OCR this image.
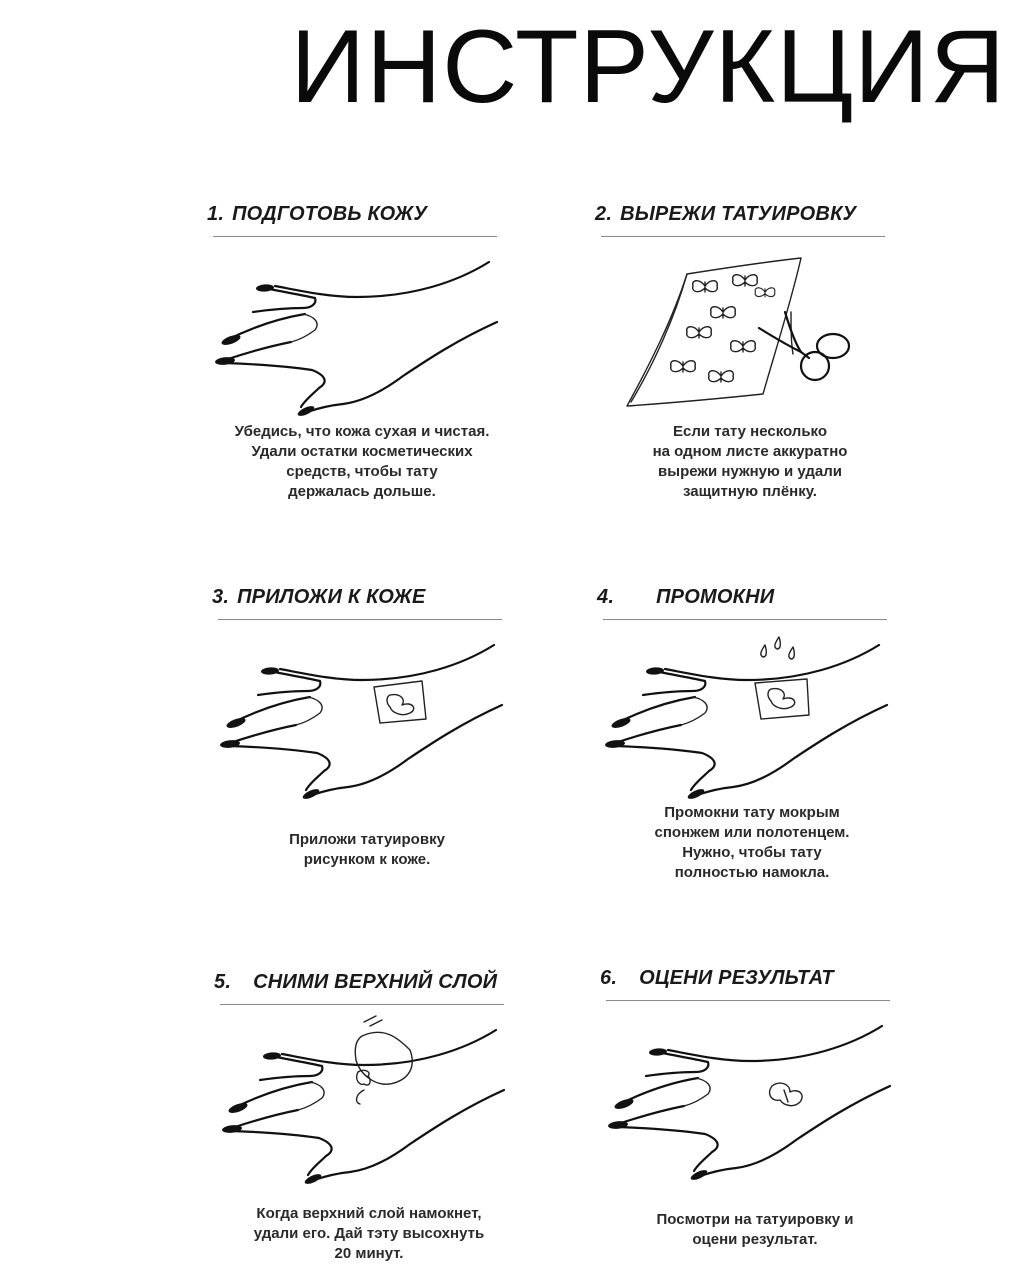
ИНСТРУКЦИЯ
1. ПОДГОТОВЬ КОЖУ
Убедись, что кожа сухая и чистая.
Удали остатки косметических
средств, чтобы тату
держалась дольше.
2. ВЫРЕЖИ ТАТУИРОВКУ
Если тату несколько
на одном листе аккуратно
вырежи нужную и удали
защитную плёнку.
3. ПРИЛОЖИ К КОЖЕ
Приложи татуировку
рисунком к коже.
4. ПРОМОКНИ
Промокни тату мокрым
спонжем или полотенцем.
Нужно, чтобы тату
полностью намокла.
5. СНИМИ ВЕРХНИЙ СЛОЙ
Когда верхний слой намокнет,
удали его. Дай тэту высохнуть
20 минут.
6. ОЦЕНИ РЕЗУЛЬТАТ
Посмотри на татуировку и
оцени результат.
